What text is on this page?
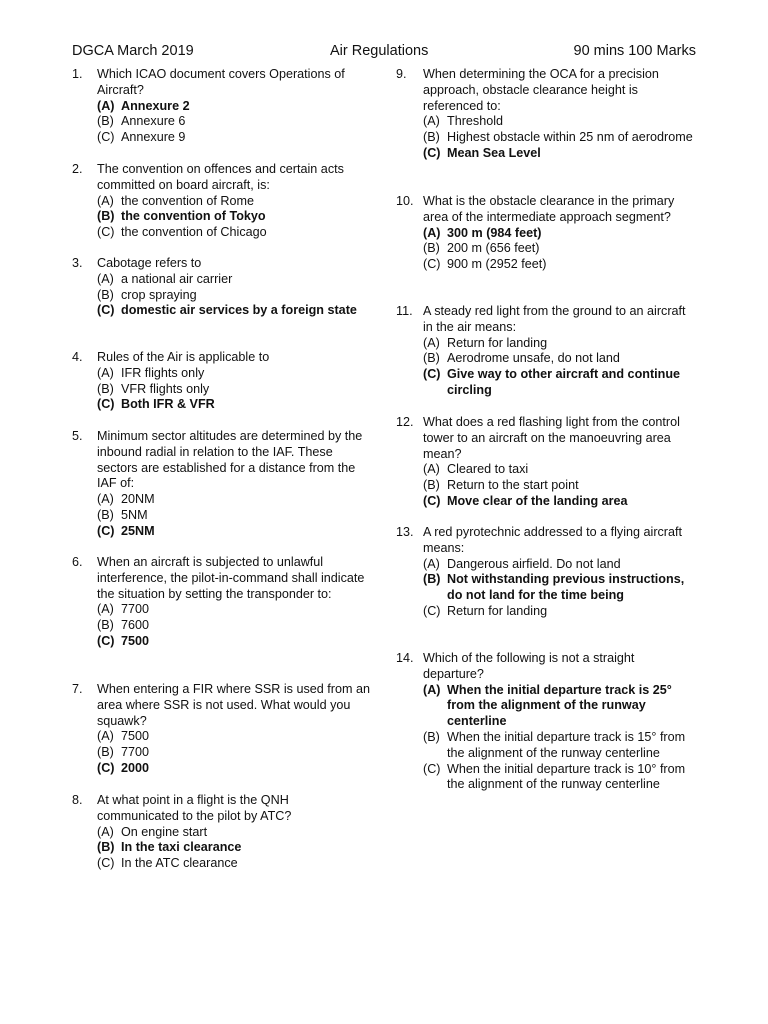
DGCA March 2019	Air Regulations	90 mins 100 Marks
1. Which ICAO document covers Operations of Aircraft?
(A) Annexure 2
(B) Annexure 6
(C) Annexure 9
2. The convention on offences and certain acts committed on board aircraft, is:
(A) the convention of Rome
(B) the convention of Tokyo
(C) the convention of Chicago
3. Cabotage refers to
(A) a national air carrier
(B) crop spraying
(C) domestic air services by a foreign state
4. Rules of the Air is applicable to
(A) IFR flights only
(B) VFR flights only
(C) Both IFR & VFR
5. Minimum sector altitudes are determined by the inbound radial in relation to the IAF. These sectors are established for a distance from the IAF of:
(A) 20NM
(B) 5NM
(C) 25NM
6. When an aircraft is subjected to unlawful interference, the pilot-in-command shall indicate the situation by setting the transponder to:
(A) 7700
(B) 7600
(C) 7500
7. When entering a FIR where SSR is used from an area where SSR is not used. What would you squawk?
(A) 7500
(B) 7700
(C) 2000
8. At what point in a flight is the QNH communicated to the pilot by ATC?
(A) On engine start
(B) In the taxi clearance
(C) In the ATC clearance
9. When determining the OCA for a precision approach, obstacle clearance height is referenced to:
(A) Threshold
(B) Highest obstacle within 25 nm of aerodrome
(C) Mean Sea Level
10. What is the obstacle clearance in the primary area of the intermediate approach segment?
(A) 300 m (984 feet)
(B) 200 m (656 feet)
(C) 900 m (2952 feet)
11. A steady red light from the ground to an aircraft in the air means:
(A) Return for landing
(B) Aerodrome unsafe, do not land
(C) Give way to other aircraft and continue circling
12. What does a red flashing light from the control tower to an aircraft on the manoeuvring area mean?
(A) Cleared to taxi
(B) Return to the start point
(C) Move clear of the landing area
13. A red pyrotechnic addressed to a flying aircraft means:
(A) Dangerous airfield. Do not land
(B) Not withstanding previous instructions, do not land for the time being
(C) Return for landing
14. Which of the following is not a straight departure?
(A) When the initial departure track is 25° from the alignment of the runway centerline
(B) When the initial departure track is 15° from the alignment of the runway centerline
(C) When the initial departure track is 10° from the alignment of the runway centerline
